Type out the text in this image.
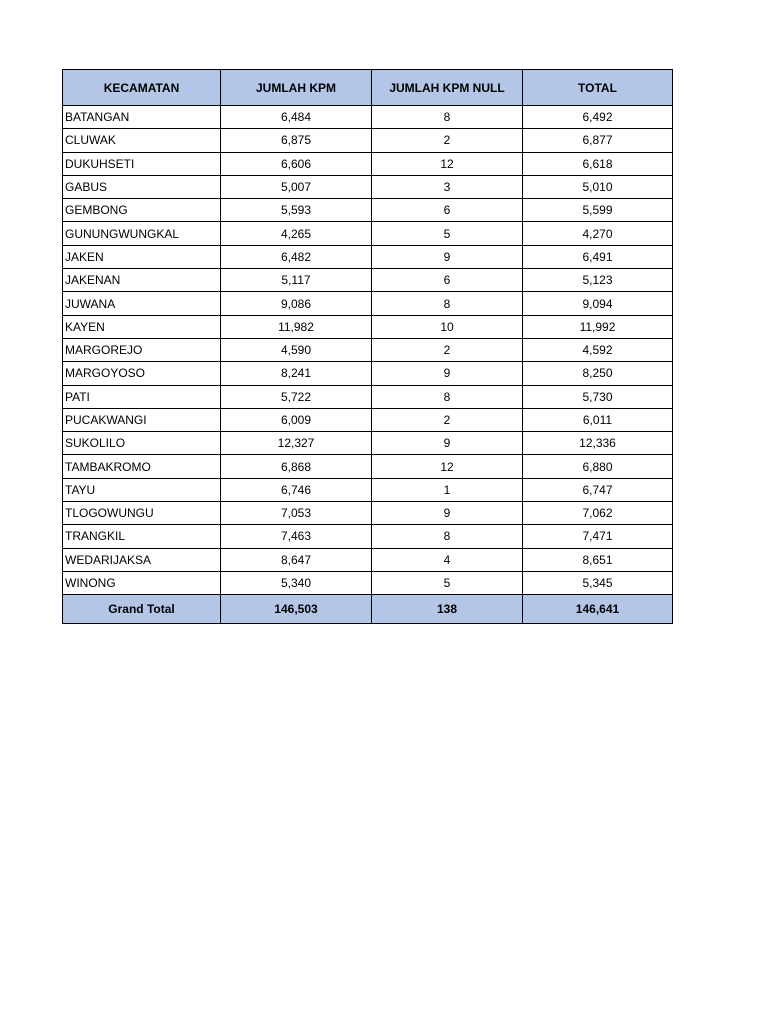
KECAMATAN	JUMLAH KPM	JUMLAH KPM NULL	TOTAL
BATANGAN	6,484	8	6,492
CLUWAK	6,875	2	6,877
DUKUHSETI	6,606	12	6,618
GABUS	5,007	3	5,010
GEMBONG	5,593	6	5,599
GUNUNGWUNGKAL	4,265	5	4,270
JAKEN	6,482	9	6,491
JAKENAN	5,117	6	5,123
JUWANA	9,086	8	9,094
KAYEN	11,982	10	11,992
MARGOREJO	4,590	2	4,592
MARGOYOSO	8,241	9	8,250
PATI	5,722	8	5,730
PUCAKWANGI	6,009	2	6,011
SUKOLILO	12,327	9	12,336
TAMBAKROMO	6,868	12	6,880
TAYU	6,746	1	6,747
TLOGOWUNGU	7,053	9	7,062
TRANGKIL	7,463	8	7,471
WEDARIJAKSA	8,647	4	8,651
WINONG	5,340	5	5,345
Grand Total	146,503	138	146,641
